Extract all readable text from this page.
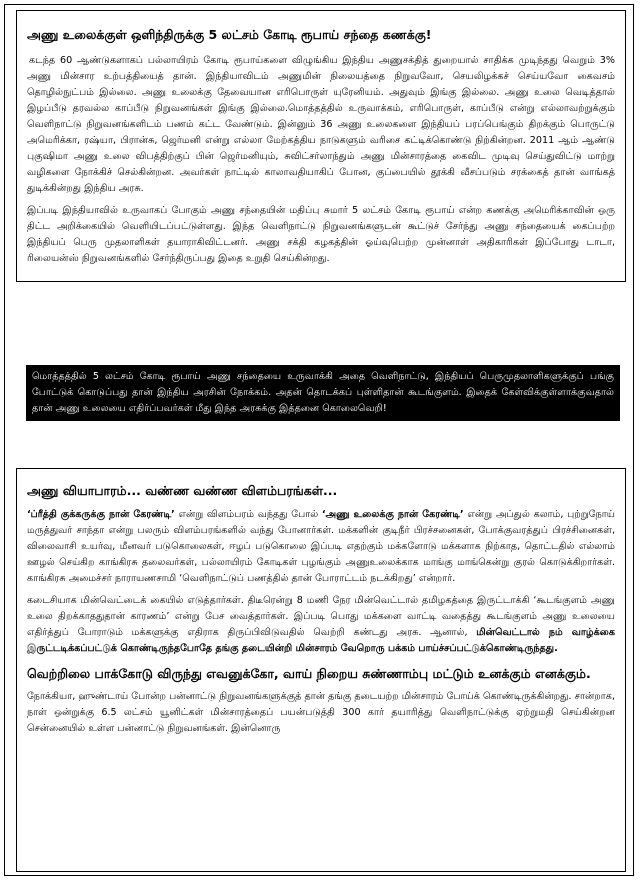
அணு உலைக்குள் ஒளிந்திருக்கு 5 லட்சம் கோடி ரூபாய் சந்தை கணக்கு!

கடந்த 60 ஆண்டுகளாகப் பல்லாயிரம் கோடி ரூபாய்களை விழுங்கிய இந்திய அணுசக்தித் துறையால் சாதிக்க முடிந்தது வெறும் 3% அணு மின்சார உற்பத்தியைத் தான். இந்தியாவிடம் அணுமின் நிலையத்தை நிறுவவோ, செயலிழக்கச் செய்யவோ கைவசம் தொழில்நுட்பம் இல்லை. அணு உலைக்கு தேவையான எரிபொருள் யுரேனியம். அதுவும் இங்கு இல்லை. அணு உலை வெடித்தால் இழப்பீடு தரவல்ல காப்பீடு நிறுவனங்கள் இங்கு இல்லை.மொத்தத்தில் உருவாக்கம், எரிபொருள், காப்பீடு என்று எல்லாவற்றுக்கும் வெளிநாட்டு நிறுவனங்களிடம் பணம் கட்ட வேண்டும். இன்னும் 36 அணு உலைகளை இந்தியப் பரப்பெங்கும் திறக்கும் பொருட்டு அமெரிக்கா, ரஷ்யா, பிரான்சு, ஜெர்மனி என்று எல்லா மேற்கத்திய நாடுகளும் வரிசை கட்டிக்கொண்டு நிற்கின்றன. 2011 ஆம் ஆண்டு புகுஷிமா அணு உலை விபத்திற்குப் பின் ஜெர்மனியும், சுவிட்சர்லாந்தும் அணு மின்சாரத்தை கைவிட முடிவு செய்துவிட்டு மாற்று வழிகளை நோக்கிச் செல்கின்றன. அவர்கள் நாட்டில் காலாவதியாகிப் போன, குப்பையில் தூக்கி வீசப்படும் சரக்கைத் தான் வாங்கத் துடிக்கின்றது இந்திய அரசு.

இப்படி இந்தியாவில் உருவாகப் போகும் அணு சந்தையின் மதிப்பு சுமார் 5 லட்சம் கோடி ரூபாய் என்ற கணக்கு அமெரிக்காவின் ஒரு திட்ட அறிக்கையில் வெளியிடப்பட்டுள்ளது. இந்த வெளிநாட்டு நிறுவனங்களுடன் கூட்டுச் சேர்ந்து அணு சந்தையைக் கைப்பற்ற இந்தியப் பெரு முதலாளிகள் தயாராகிவிட்டனர். அணு சக்தி கழகத்தின் ஓய்வுபெற்ற முன்னாள் அதிகாரிகள் இப்போது டாடா, ரிலையன்ஸ் நிறுவனங்களில் சேர்ந்திருப்பது இதை உறுதி செய்கின்றது.

மொத்தத்தில் 5 லட்சம் கோடி ரூபாய் அணு சந்தையை உருவாக்கி அதை வெளிநாட்டு, இந்தியப் பெருமுதலாளிகளுக்குப் பங்கு போட்டுக் கொடுப்பது தான் இந்திய அரசின் நோக்கம். அதன் தொடக்கப் புள்ளிதான் கூடங்குளம். இதைக் கேள்விக்குள்ளாக்குவதால் தான் அணு உலையை எதிர்ப்பவர்கள் மீது இந்த அரசுக்கு இத்தனை கொலைவெறி!
அணு வியாபாரம்... வண்ண வண்ண விளம்பரங்கள்...

‘ப்ரீத்தி குக்கருக்கு நான் கேரண்டி’ என்று விளம்பரம் வந்தது போல் ‘அணு உலைக்கு நான் கேரண்டி’ என்று அப்துல் கலாம், புற்றுநோய் மருத்துவர் சாந்தா என்று பலரும் விளம்பரங்களில் வந்து போனார்கள். மக்களின் குடிநீர் பிரச்சனைகள், போக்குவரத்துப் பிரச்சினைகள், விலைவாசி உயர்வு, மீனவர் படுகொலைகள், ஈழப் படுகொலை இப்படி எதற்கும் மக்களோடு மக்களாக நிற்காத, தொட்டதில் எல்லாம் ஊழல் செய்கிற காங்கிரசு தலைவர்கள், பல்லாயிரம் கோடிகள் புழங்கும் அணுஉலைக்காக மாங்கு மாங்கென்று குரல் கொடுக்கிறார்கள். காங்கிரசு அமைச்சர் நாராயணசாமி ‘வெளிநாட்டுப் பணத்தில் தான் போராட்டம் நடக்கிறது’ என்றார்.

கடைசியாக மின்வெட்டைக் கையில் எடுத்தார்கள். திடீரென்று 8 மணி நேர மின்வெட்டால் தமிழகத்தை இருட்டாக்கி ‘கூடங்குளம் அணு உலை திறக்காததுதான் காரணம்’ என்று பேச வைத்தார்கள். இப்படி பொது மக்களை வாட்டி வதைத்து கூடங்குளம் அணு உலையை எதிர்த்துப் போராடும் மக்களுக்கு எதிராக திருப்பிவிடுவதில் வெற்றி கண்டது அரசு. ஆனால், மின்வெட்டால் நம் வாழ்க்கை இருட்டடிக்கப்பட்டுக் கொண்டிருந்தபோதே தங்கு தடையின்றி மின்சாரம் வேறொரு பக்கம் பாய்ச்சப்பட்டுக்கொண்டிருந்தது.

வெற்றிலை பாக்கோடு விருந்து எவனுக்கோ, வாய் நிறைய சுண்ணாம்பு மட்டும் உனக்கும் எனக்கும்.

நோக்கியா, ஹுண்டாய் போன்ற பன்னாட்டு நிறுவனங்களுக்குத் தான் தங்கு தடையற்ற மின்சாரம் போய்க் கொண்டிருக்கின்றது. சான்றாக, நாள் ஒன்றுக்கு 6.5 லட்சம் யூனிட்கள் மின்சாரத்தைப் பயன்படுத்தி 300 கார் தயாரித்து வெளிநாட்டுக்கு ஏற்றுமதி செய்கின்றன சென்னையில் உள்ள பன்னாட்டு நிறுவனங்கள். இன்னொரு
